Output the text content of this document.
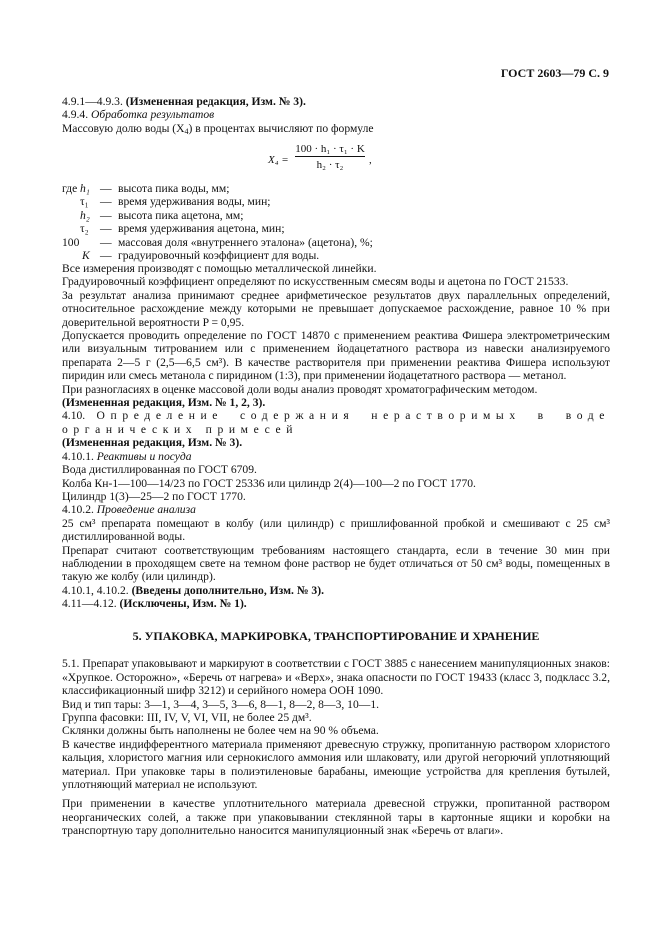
ГОСТ 2603—79 С. 9

4.9.1—4.9.3. (Измененная редакция, Изм. № 3).

4.9.4. Обработка результатов

Массовую долю воды $(X_4)$ в процентах вычисляют по формуле

X₄ =
100 · h₁ · τ₁ · K
h₂ · τ₂	,
где h₁ — высота пика воды, мм;
τ₁ — время удерживания воды, мин;
h₂ — высота пика ацетона, мм;
τ₂ — время удерживания ацетона, мин;
100 — массовая доля «внутреннего эталона» (ацетона), %;
K — градуировочный коэффициент для воды.

Все измерения производят с помощью металлической линейки.

Градуировочный коэффициент определяют по искусственным смесям воды и ацетона по ГОСТ 21533.

За результат анализа принимают среднее арифметическое результатов двух параллельных определений, относительное расхождение между которыми не превышает допускаемое расхождение, равное 10 % при доверительной вероятности P = 0,95.

Допускается проводить определение по ГОСТ 14870 с применением реактива Фишера электрометрическим или визуальным титрованием или с применением йодацетатного раствора из навески анализируемого препарата 2—5 г (2,5—6,5 см³). В качестве растворителя при применении реактива Фишера используют пиридин или смесь метанола с пиридином (1:3), при применении йодацетатного раствора — метанол.

При разногласиях в оценке массовой доли воды анализ проводят хроматографическим методом.

(Измененная редакция, Изм. № 1, 2, 3).

4.10. Определение содержания нерастворимых в воде органических примесей

(Измененная редакция, Изм. № 3).

4.10.1. Реактивы и посуда

Вода дистиллированная по ГОСТ 6709.

Колба Кн-1—100—14/23 по ГОСТ 25336 или цилиндр 2(4)—100—2 по ГОСТ 1770.

Цилиндр 1(3)—25—2 по ГОСТ 1770.

4.10.2. Проведение анализа

25 см³ препарата помещают в колбу (или цилиндр) с пришлифованной пробкой и смешивают с 25 см³ дистиллированной воды.

Препарат считают соответствующим требованиям настоящего стандарта, если в течение 30 мин при наблюдении в проходящем свете на темном фоне раствор не будет отличаться от 50 см³ воды, помещенных в такую же колбу (или цилиндр).

4.10.1, 4.10.2. (Введены дополнительно, Изм. № 3).

4.11—4.12. (Исключены, Изм. № 1).

5. УПАКОВКА, МАРКИРОВКА, ТРАНСПОРТИРОВАНИЕ И ХРАНЕНИЕ

5.1. Препарат упаковывают и маркируют в соответствии с ГОСТ 3885 с нанесением манипуляционных знаков: «Хрупкое. Осторожно», «Беречь от нагрева» и «Верх», знака опасности по ГОСТ 19433 (класс 3, подкласс 3.2, классификационный шифр 3212) и серийного номера ООН 1090.

Вид и тип тары: 3—1, 3—4, 3—5, 3—6, 8—1, 8—2, 8—3, 10—1.

Группа фасовки: III, IV, V, VI, VII, не более 25 дм³.

Склянки должны быть наполнены не более чем на 90 % объема.

В качестве индифферентного материала применяют древесную стружку, пропитанную раствором хлористого кальция, хлористого магния или сернокислого аммония или шлаковату, или другой негорючий уплотняющий материал. При упаковке тары в полиэтиленовые барабаны, имеющие устройства для крепления бутылей, уплотняющий материал не используют.

При применении в качестве уплотнительного материала древесной стружки, пропитанной раствором неорганических солей, а также при упаковывании стеклянной тары в картонные ящики и коробки на транспортную тару дополнительно наносится манипуляционный знак «Беречь от влаги».
